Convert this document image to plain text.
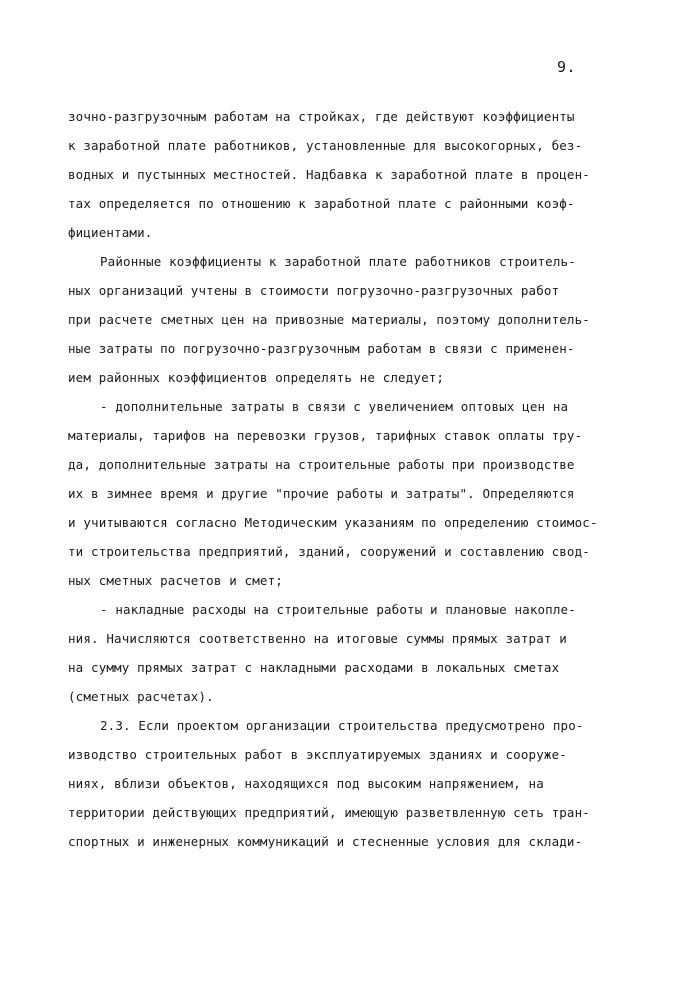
9.
зочно-разгрузочным работам на стройках, где действуют коэффициенты
к заработной плате работников, установленные для высокогорных, без-
водных и пустынных местностей. Надбавка к заработной плате в процен-
тах определяется по отношению к заработной плате с районными коэф-
фициентами.
Районные коэффициенты к заработной плате работников строитель-
ных организаций учтены в стоимости погрузочно-разгрузочных работ
при расчете сметных цен на привозные материалы, поэтому дополнитель-
ные затраты по погрузочно-разгрузочным работам в связи с применен-
ием районных коэффициентов определять не следует;
- дополнительные затраты в связи с увеличением оптовых цен на
материалы, тарифов на перевозки грузов, тарифных ставок оплаты тру-
да, дополнительные затраты на строительные работы при производстве
их в зимнее время и другие "прочие работы и затраты". Определяются
и учитываются согласно Методическим указаниям по определению стоимос-
ти строительства предприятий, зданий, сооружений и составлению свод-
ных сметных расчетов и смет;
- накладные расходы на строительные работы и плановые накопле-
ния. Начисляются соответственно на итоговые суммы прямых затрат и
на сумму прямых затрат с накладными расходами в локальных сметах
(сметных расчетах).
2.3. Если проектом организации строительства предусмотрено про-
изводство строительных работ в эксплуатируемых зданиях и сооруже-
ниях, вблизи объектов, находящихся под высоким напряжением, на
территории действующих предприятий, имеющую разветвленную сеть тран-
спортных и инженерных коммуникаций и стесненные условия для склади-
